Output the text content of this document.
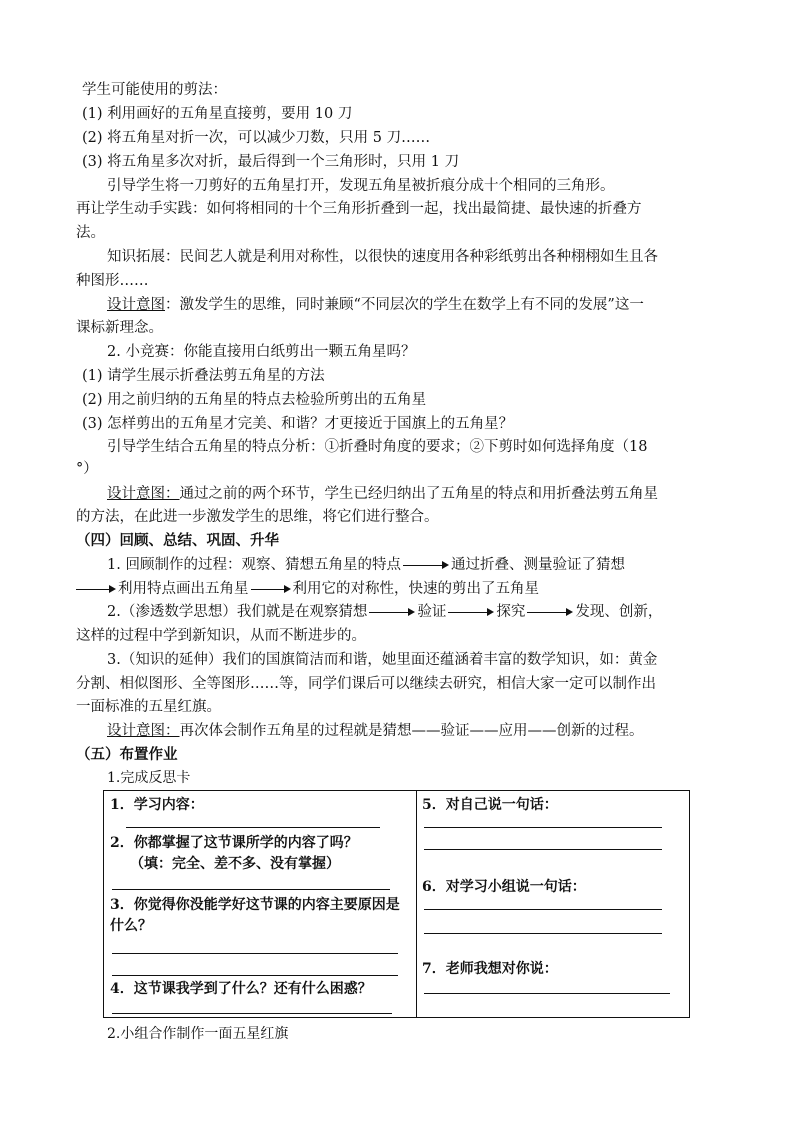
学生可能使用的剪法：
(1) 利用画好的五角星直接剪，要用 10 刀
(2) 将五角星对折一次，可以减少刀数，只用 5 刀……
(3) 将五角星多次对折，最后得到一个三角形时，只用 1 刀
引导学生将一刀剪好的五角星打开，发现五角星被折痕分成十个相同的三角形。
再让学生动手实践：如何将相同的十个三角形折叠到一起，找出最简捷、最快速的折叠方
法。
知识拓展：民间艺人就是利用对称性，以很快的速度用各种彩纸剪出各种栩栩如生且各
种图形……
设计意图：激发学生的思维，同时兼顾“不同层次的学生在数学上有不同的发展”这一
课标新理念。
2. 小竞赛：你能直接用白纸剪出一颗五角星吗？
(1) 请学生展示折叠法剪五角星的方法
(2) 用之前归纳的五角星的特点去检验所剪出的五角星
(3) 怎样剪出的五角星才完美、和谐？才更接近于国旗上的五角星？
引导学生结合五角星的特点分析：①折叠时角度的要求；②下剪时如何选择角度（18
°）
设计意图：通过之前的两个环节，学生已经归纳出了五角星的特点和用折叠法剪五角星
的方法，在此进一步激发学生的思维，将它们进行整合。
（四）回顾、总结、巩固、升华
1. 回顾制作的过程：观察、猜想五角星的特点	通过折叠、测量验证了猜想
利用特点画出五角星	利用它的对称性，快速的剪出了五角星
2.（渗透数学思想）我们就是在观察猜想	验证	探究	发现、创新，
这样的过程中学到新知识，从而不断进步的。
3.（知识的延伸）我们的国旗简洁而和谐，她里面还蕴涵着丰富的数学知识，如：黄金
分割、相似图形、全等图形……等，同学们课后可以继续去研究，相信大家一定可以制作出
一面标准的五星红旗。
设计意图：再次体会制作五角星的过程就是猜想——验证——应用——创新的过程。
（五）布置作业
1.完成反思卡
1．学习内容：
2．你都掌握了这节课所学的内容了吗？
（填：完全、差不多、没有掌握）
3．你觉得你没能学好这节课的内容主要原因是
什么？
4．这节课我学到了什么？还有什么困惑？
5．对自己说一句话：
6．对学习小组说一句话：
7．老师我想对你说：
2.小组合作制作一面五星红旗
